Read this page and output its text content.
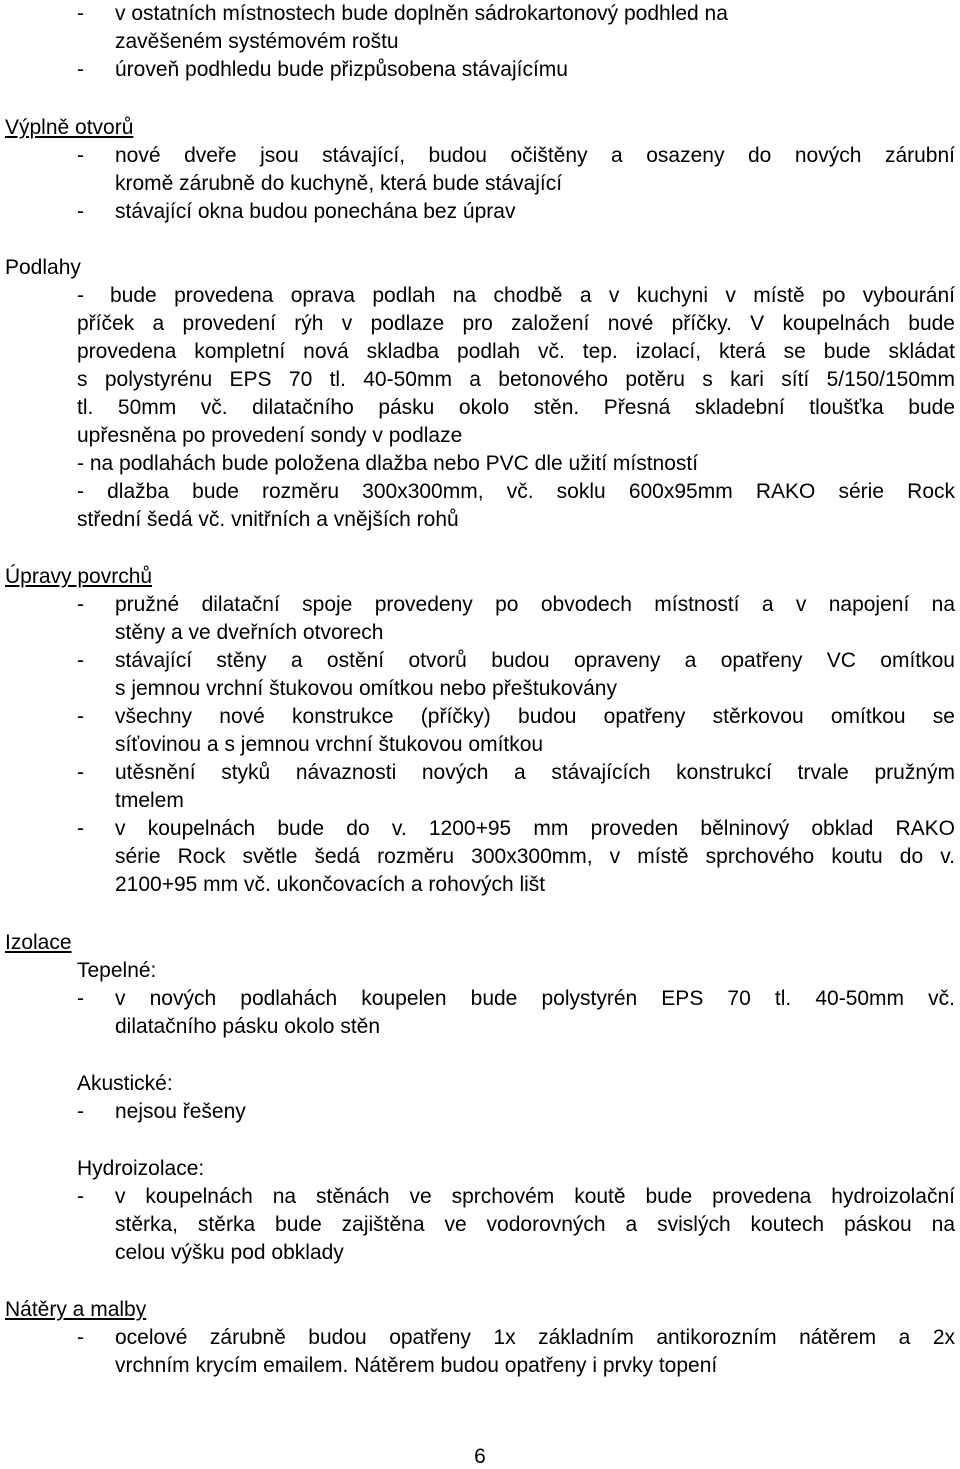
- v ostatních místnostech bude doplněn sádrokartonový podhled na
zavěšeném systémovém roštu
- úroveň podhledu bude přizpůsobena stávajícímu
Výplně otvorů
- nové dveře jsou stávající, budou očištěny a osazeny do nových zárubní
kromě zárubně do kuchyně, která bude stávající
- stávající okna budou ponechána bez úprav
Podlahy
- bude provedena oprava podlah na chodbě a v kuchyni v místě po vybourání
příček a provedení rýh v podlaze pro založení nové příčky. V koupelnách bude
provedena kompletní nová skladba podlah vč. tep. izolací, která se bude skládat
s polystyrénu EPS 70 tl. 40-50mm a betonového potěru s kari sítí 5/150/150mm
tl. 50mm vč. dilatačního pásku okolo stěn. Přesná skladební tloušťka bude
upřesněna po provedení sondy v podlaze
- na podlahách bude položena dlažba nebo PVC dle užití místností
- dlažba bude rozměru 300x300mm, vč. soklu 600x95mm RAKO série Rock
střední šedá vč. vnitřních a vnějších rohů
Úpravy povrchů
- pružné dilatační spoje provedeny po obvodech místností a v napojení na
stěny a ve dveřních otvorech
- stávající stěny a ostění otvorů budou opraveny a opatřeny VC omítkou
s jemnou vrchní štukovou omítkou nebo přeštukovány
- všechny nové konstrukce (příčky) budou opatřeny stěrkovou omítkou se
síťovinou a s jemnou vrchní štukovou omítkou
- utěsnění styků návaznosti nových a stávajících konstrukcí trvale pružným
tmelem
- v koupelnách bude do v. 1200+95 mm proveden bělninový obklad RAKO
série Rock světle šedá rozměru 300x300mm, v místě sprchového koutu do v.
2100+95 mm vč. ukončovacích a rohových lišt
Izolace
Tepelné:
- v nových podlahách koupelen bude polystyrén EPS 70 tl. 40-50mm vč.
dilatačního pásku okolo stěn
Akustické:
- nejsou řešeny
Hydroizolace:
- v koupelnách na stěnách ve sprchovém koutě bude provedena hydroizolační
stěrka, stěrka bude zajištěna ve vodorovných a svislých koutech páskou na
celou výšku pod obklady
Nátěry a malby
- ocelové zárubně budou opatřeny 1x základním antikorozním nátěrem a 2x
vrchním krycím emailem. Nátěrem budou opatřeny i prvky topení
6
